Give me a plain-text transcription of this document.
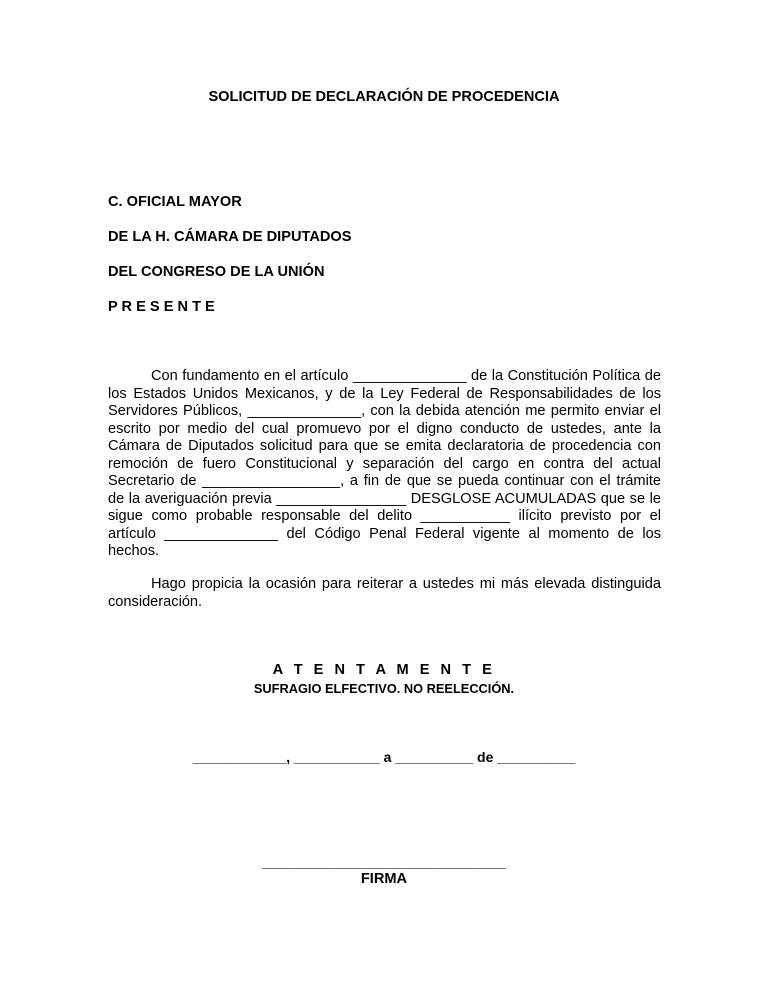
SOLICITUD DE DECLARACIÓN DE PROCEDENCIA
C. OFICIAL MAYOR
DE LA H. CÁMARA DE DIPUTADOS
DEL CONGRESO DE LA UNIÓN
P R E S E N T E

Con fundamento en el artículo ______________ de la Constitución Política de los Estados Unidos Mexicanos, y de la Ley Federal de Responsabilidades de los Servidores Públicos, ______________, con la debida atención me permito enviar el escrito por medio del cual promuevo por el digno conducto de ustedes, ante la Cámara de Diputados solicitud para que se emita declaratoria de procedencia con remoción de fuero Constitucional y separación del cargo en contra del actual Secretario de _________________, a fin de que se pueda continuar con el trámite de la averiguación previa ________________ DESGLOSE ACUMULADAS que se le sigue como probable responsable del delito ___________ ilícito previsto por el artículo ______________ del Código Penal Federal vigente al momento de los hechos.

Hago propicia la ocasión para reiterar a ustedes mi más elevada distinguida consideración.

A T E N T A M E N T E
SUFRAGIO ELFECTIVO. NO REELECCIÓN.
____________, ___________ a __________ de __________
______________________________
FIRMA
